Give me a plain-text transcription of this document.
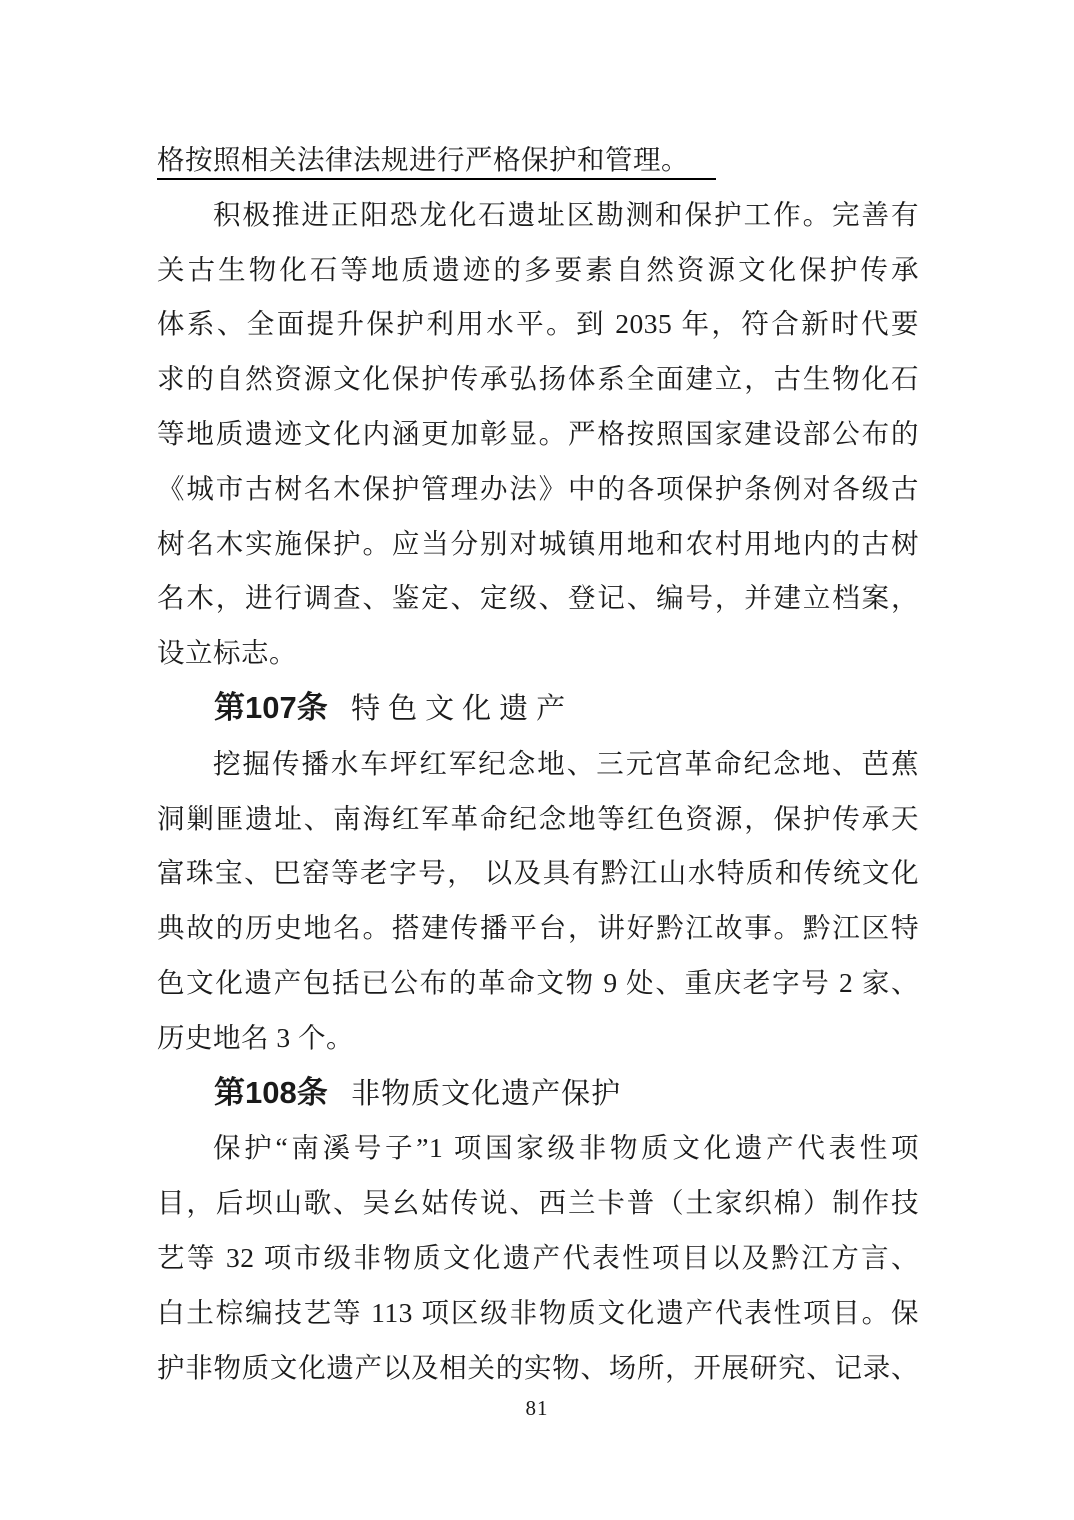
格按照相关法律法规进行严格保护和管理。
积极推进正阳恐龙化石遗址区勘测和保护工作。完善有
关古生物化石等地质遗迹的多要素自然资源文化保护传承
体系、全面提升保护利用水平。到 2035 年，符合新时代要
求的自然资源文化保护传承弘扬体系全面建立，古生物化石
等地质遗迹文化内涵更加彰显。严格按照国家建设部公布的
《城市古树名木保护管理办法》中的各项保护条例对各级古
树名木实施保护。应当分别对城镇用地和农村用地内的古树
名木，进行调查、鉴定、定级、登记、编号，并建立档案，
设立标志。
第107条 特色文化遗产
挖掘传播水车坪红军纪念地、三元宫革命纪念地、芭蕉
洞剿匪遗址、南海红军革命纪念地等红色资源，保护传承天
富珠宝、巴窑等老字号， 以及具有黔江山水特质和传统文化
典故的历史地名。搭建传播平台，讲好黔江故事。黔江区特
色文化遗产包括已公布的革命文物 9 处、重庆老字号 2 家、
历史地名 3 个。
第108条 非物质文化遗产保护
保护“南溪号子”1 项国家级非物质文化遗产代表性项
目，后坝山歌、吴幺姑传说、西兰卡普（土家织棉）制作技
艺等 32 项市级非物质文化遗产代表性项目以及黔江方言、
白土棕编技艺等 113 项区级非物质文化遗产代表性项目。保
护非物质文化遗产以及相关的实物、场所，开展研究、记录、
81
